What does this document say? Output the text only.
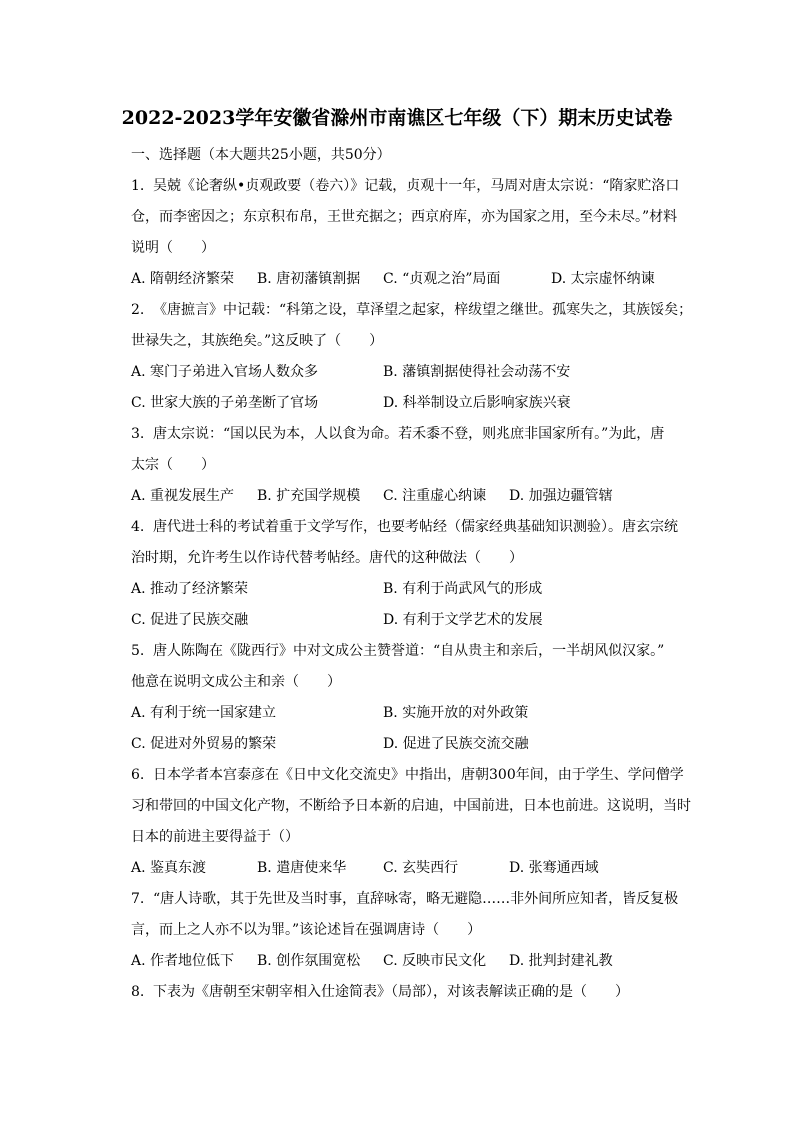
2022-2023学年安徽省滁州市南谯区七年级（下）期末历史试卷
一、选择题（本大题共25小题，共50分）
1. 吴兢《论奢纵•贞观政要（卷六）》记载，贞观十一年，马周对唐太宗说：“隋家贮洛口
仓，而李密因之；东京积布帛，王世充据之；西京府库，亦为国家之用，至今未尽。”材料
说明（　　）
A. 隋朝经济繁荣	B. 唐初藩镇割据	C. “贞观之治”局面	D. 太宗虚怀纳谏
2. 《唐摭言》中记载：“科第之设，草泽望之起家，梓绂望之继世。孤寒失之，其族馁矣；
世禄失之，其族绝矣。”这反映了（　　）
A. 寒门子弟进入官场人数众多	B. 藩镇割据使得社会动荡不安
C. 世家大族的子弟垄断了官场	D. 科举制设立后影响家族兴衰
3. 唐太宗说：“国以民为本，人以食为命。若禾黍不登，则兆庶非国家所有。”为此，唐
太宗（　　）
A. 重视发展生产	B. 扩充国学规模	C. 注重虚心纳谏	D. 加强边疆管辖
4. 唐代进士科的考试着重于文学写作，也要考帖经（儒家经典基础知识测验）。唐玄宗统
治时期，允许考生以作诗代替考帖经。唐代的这种做法（　　）
A. 推动了经济繁荣	B. 有利于尚武风气的形成
C. 促进了民族交融	D. 有利于文学艺术的发展
5. 唐人陈陶在《陇西行》中对文成公主赞誉道：“自从贵主和亲后，一半胡风似汉家。”
他意在说明文成公主和亲（　　）
A. 有利于统一国家建立	B. 实施开放的对外政策
C. 促进对外贸易的繁荣	D. 促进了民族交流交融
6. 日本学者本宫泰彦在《日中文化交流史》中指出，唐朝300年间，由于学生、学问僧学
习和带回的中国文化产物，不断给予日本新的启迪，中国前进，日本也前进。这说明，当时
日本的前进主要得益于（）
A. 鉴真东渡	B. 遣唐使来华	C. 玄奘西行	D. 张骞通西域
7. “唐人诗歌，其于先世及当时事，直辞咏寄，略无避隐……非外间所应知者，皆反复极
言，而上之人亦不以为罪。”该论述旨在强调唐诗（　　）
A. 作者地位低下	B. 创作氛围宽松	C. 反映市民文化	D. 批判封建礼教
8. 下表为《唐朝至宋朝宰相入仕途简表》（局部），对该表解读正确的是（　　）
